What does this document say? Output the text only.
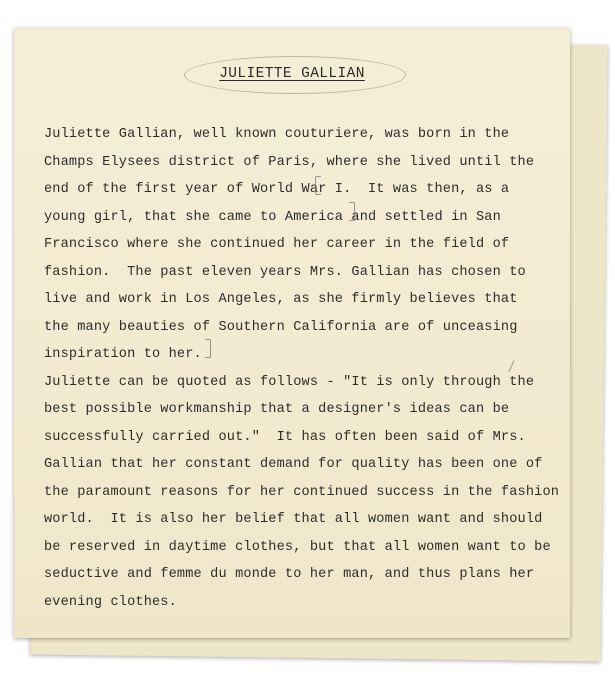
JULIETTE GALLIAN
Juliette Gallian, well known couturiere, was born in the
Champs Elysees district of Paris, where she lived until the
end of the first year of World War I.  It was then, as a
young girl, that she came to America and settled in San
Francisco where she continued her career in the field of
fashion.  The past eleven years Mrs. Gallian has chosen to
live and work in Los Angeles, as she firmly believes that
the many beauties of Southern California are of unceasing
inspiration to her.
Juliette can be quoted as follows - "It is only through the
best possible workmanship that a designer's ideas can be
successfully carried out."  It has often been said of Mrs.
Gallian that her constant demand for quality has been one of
the paramount reasons for her continued success in the fashion
world.  It is also her belief that all women want and should
be reserved in daytime clothes, but that all women want to be
seductive and femme du monde to her man, and thus plans her
evening clothes.
